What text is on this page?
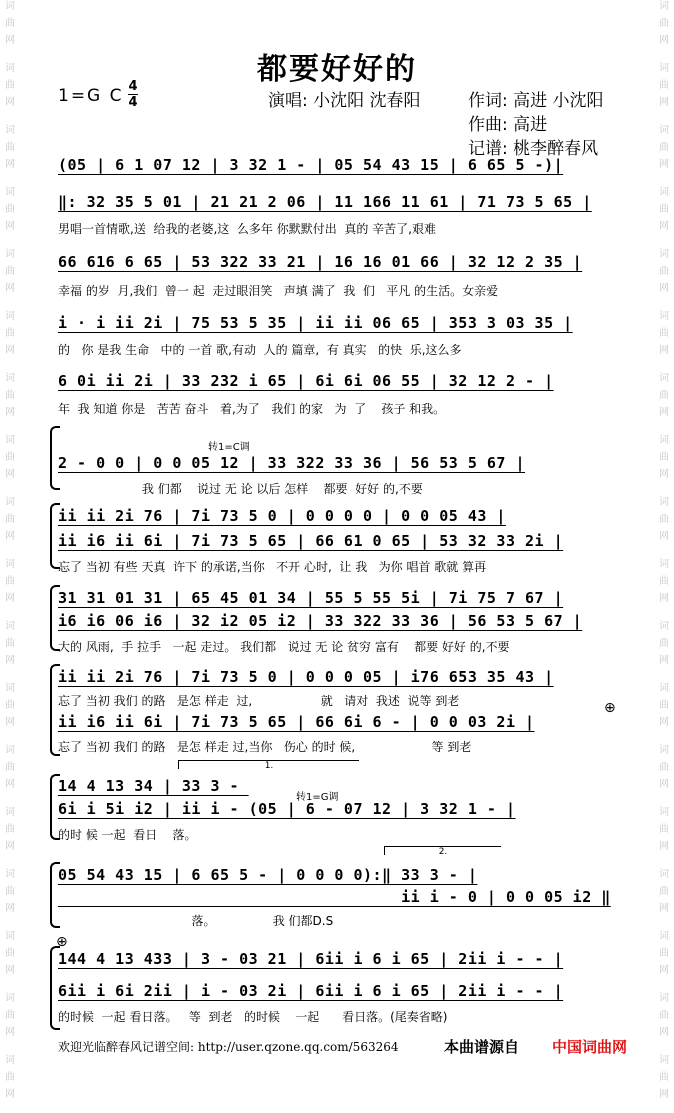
词
曲
网
词
曲
网
词
曲
网
词
曲
网
词
曲
网
词
曲
网
词
曲
网
词
曲
网
词
曲
网
词
曲
网
词
曲
网
词
曲
网
词
曲
网
词
曲
网
词
曲
网
词
曲
网
词
曲
网
词
曲
网
词
曲
网
词
曲
网
词
曲
网
词
曲
网
词
曲
网
词
曲
网
词
曲
网
词
曲
网
词
曲
网
词
曲
网
词
曲
网
词
曲
网
词
曲
网
词
曲
网
词
曲
网
词
曲
网
词
曲
网
词
曲
网
都要好好的
1=G C 4
4	演唱: 小沈阳 沈春阳	作词: 高进 小沈阳
作曲: 高进
记谱: 桃李醉春风
(05 | 6 1 07 12 | 3 32 1 - | 05 54 43 15 | 6 65 5 -)|
‖: 32 35 5 01 | 21 21 2 06 | 11 166 11 61 | 71 73 5 65 |
男唱一首情歌,送  给我的老婆,这  么多年 你默默付出  真的 辛苦了,艰难
66 616 6 65 | 53 322 33 21 | 16 16 01 66 | 32 12 2 35 |
幸福 的岁  月,我们  曾一 起  走过眼泪笑   声填 满了  我  们   平凡 的生活。女亲爱
i · i ii 2i | 75 53 5 35 | ii ii 06 65 | 353 3 03 35 |
的   你 是我 生命   中的 一首 歌,有动  人的 篇章,  有 真实   的快  乐,这么多
6 0i ii 2i | 33 232 i 65 | 6i 6i 06 55 | 32 12 2 - |
年  我 知道 你是   苦苦 奋斗   着,为了   我们 的家   为  了    孩子 和我。
转1=C调
2 - 0 0 | 0 0 05 12 | 33 322 33 36 | 56 53 5 67 |
我 们都    说过 无 论 以后 怎样    都要  好好 的,不要
ii ii 2i 76 | 7i 73 5 0 | 0 0 0 0 | 0 0 05 43 |
ii i6 ii 6i | 7i 73 5 65 | 66 61 0 65 | 53 32 33 2i |
忘了 当初 有些 天真  许下 的承诺,当你   不开 心时,  让 我   为你 唱首 歌就 算再
31 31 01 31 | 65 45 01 34 | 55 5 55 5i | 7i 75 7 67 |
i6 i6 06 i6 | 32 i2 05 i2 | 33 322 33 36 | 56 53 5 67 |
大的 风雨,  手 拉手   一起 走过。 我们都   说过 无 论 贫穷 富有    都要 好好 的,不要
ii ii 2i 76 | 7i 73 5 0 | 0 0 0 05 | i76 653 35 43 |
忘了 当初 我们 的路   是怎 样走  过,                  就   请对  我述  说等 到老
ii i6 ii 6i | 7i 73 5 65 | 66 6i 6 - | 0 0 03 2i |
忘了 当初 我们 的路   是怎 样走 过,当你   伤心 的时 候,                    等 到老
⊕
1.
14 4 13 34 | 33 3 -
转1=G调
6i i 5i i2 | ii i - (05 | 6 - 07 12 | 3 32 1 - |
的时 候 一起  看日    落。
2.
05 54 43 15 | 6 65 5 - | 0 0 0 0):‖ 33 3 - |
ii i - 0 | 0 0 05 i2 ‖
落。               我 们都D.S
⊕
144 4 13 433 | 3 - 03 21 | 6ii i 6 i 65 | 2ii i - - |
6ii i 6i 2ii | i - 03 2i | 6ii i 6 i 65 | 2ii i - - |
的时候  一起 看日落。   等  到老   的时候    一起      看日落。(尾奏省略)
欢迎光临醉春风记谱空间: http://user.qzone.qq.com/563264	本曲谱源自 中国词曲网
